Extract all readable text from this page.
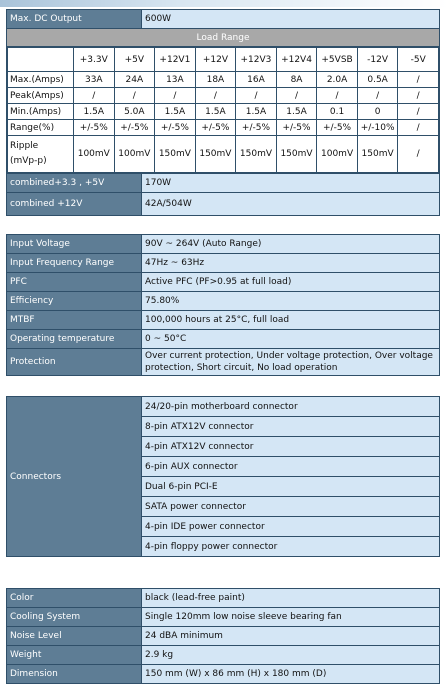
Max. DC Output	600W
Load Range

	+3.3V	+5V	+12V1	+12V	+12V3	+12V4	+5VSB	-12V	-5V
Max.(Amps)	33A	24A	13A	18A	16A	8A	2.0A	0.5A	/
Peak(Amps)	/	/	/	/	/	/	/	/	/
Min.(Amps)	1.5A	5.0A	1.5A	1.5A	1.5A	1.5A	0.1	0	/
Range(%)	+/-5%	+/-5%	+/-5%	+/-5%	+/-5%	+/-5%	+/-5%	+/-10%	/
Ripple
(mVp-p)	100mV	100mV	150mV	150mV	150mV	150mV	100mV	150mV	/

combined+3.3 , +5V	170W
combined +12V	42A/504W
Input Voltage	90V ~ 264V (Auto Range)
Input Frequency Range	47Hz ~ 63Hz
PFC	Active PFC (PF>0.95 at full load)
Efficiency	75.80%
MTBF	100,000 hours at 25°C, full load
Operating temperature	0 ~ 50°C
Protection	Over current protection, Under voltage protection, Over voltage protection, Short circuit, No load operation
Connectors	24/20-pin motherboard connector
8-pin ATX12V connector
4-pin ATX12V connector
6-pin AUX connector
Dual 6-pin PCI-E
SATA power connector
4-pin IDE power connector
4-pin floppy power connector
Color	black (lead-free paint)
Cooling System	Single 120mm low noise sleeve bearing fan
Noise Level	24 dBA minimum
Weight	2.9 kg
Dimension	150 mm (W) x 86 mm (H) x 180 mm (D)
